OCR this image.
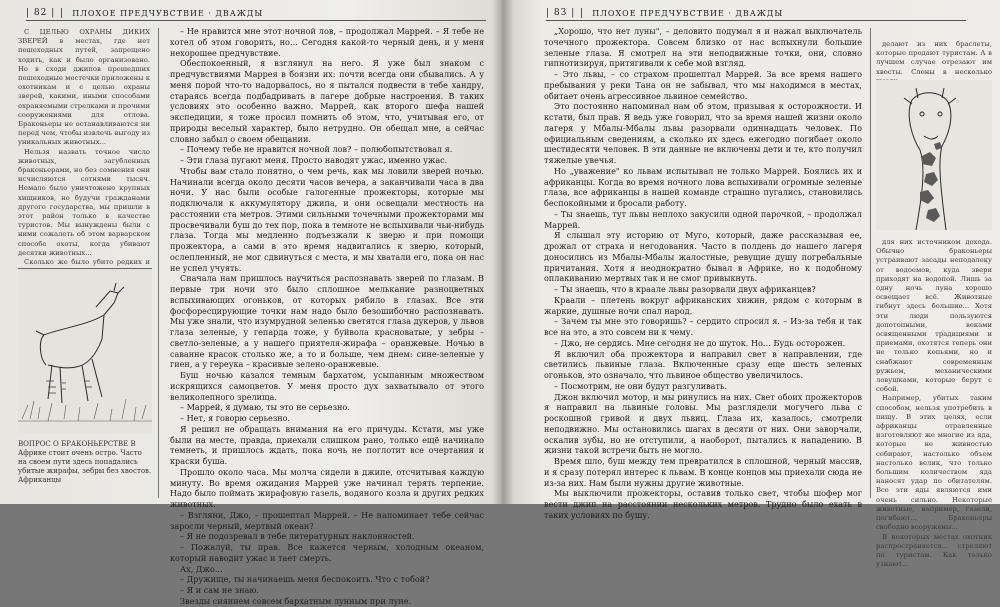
| 82 |	ПЛОХОЕ ПРЕДЧУВСТВИЕ · ДВАЖДЫ

С ЦЕЛЬЮ ОХРАНЫ ДИКИХ ЗВЕРЕЙ в местах, где нет пешеходных путей, запрещено ходить, как и было организовано. Но в сходи джипов прошедших пешеходные местечки приложены к охотникам и с целью охраны зверей, какими, иными способами охраняемыми стрелками и прочими сооружениями для отлова. Браконьеры не останавливаются ни перед чем, чтобы извлечь выгоду из уникальных животных...

Нельзя назвать точное число животных, загубленных браконьерами, но без сомнения они исчисляются сотнями тысяч. Немало было уничтожено крупных хищников, но будучи гражданами другого государства, мы пришли в этот район только в качестве туристов. Мы вынуждены были с ними сожалеть об этом варварском способе охоты, когда убивают десятки животных...

Сколько же было убито редких и

ВОПРОС О БРАКОНЬЕРСТВЕ В Африке стоит очень остро. Часто на своем пути здесь попадались убитые жирафы, зебры без хвостов. Африканцы

– Не нравится мне этот ночной лов, – продолжал Маррей. – Я тебе не хотел об этом говорить, но… Сегодня какой-то черный день, и у меня нехорошее предчувствие.

Обеспокоенный, я взглянул на него. Я уже был знаком с предчувствиями Маррея в боязни их: почти всегда они сбывались. А у меня порой что-то надорвалось, но я пытался подвести в тебе хандру, стараясь всегда подбадривать в лагере добрые настроения. В таких условиях это особенно важно. Маррей, как второго шефа нашей экспедиции, я тоже просил помнить об этом, что, учитывая его, от природы веселый характер, было нетрудно. Он обещал мне, а сейчас словно забыл о своем обещании.

– Почему тебе не нравится ночной лов? – полюбопытствовал я.

– Эти глаза пугают меня. Просто наводят ужас, именно ужас.

Чтобы вам стало понятно, о чем речь, как мы ловили зверей ночью. Начинали всегда около десяти часов вечера, а заканчивали часа в два ночи. У нас были особые галогенные прожекторы, которые мы подключали к аккумулятору джипа, и они освещали местность на расстоянии ста метров. Этими сильными точечными прожекторами мы просвечивали буш до тех пор, пока в темноте не вспыхивали чьи-нибудь глаза. Тогда мы медленно подъезжали к зверю и при помощи прожектора, а сами в это время надвигались к зверю, который, ослепленный, не мог сдвинуться с места, и мы хватали его, пока он нас не успел учуять.

Сначала нам пришлось научиться распознавать зверей по глазам. В первые три ночи это было сплошное мелькание разноцветных вспыхивающих огоньков, от которых рябило в глазах. Все эти фосфоресцирующие точки нам надо было безошибочно распознавать. Мы уже знали, что изумрудной зеленью светятся глаза дукеров, у львов глаза зеленые, у гепарда тоже, у буйвола красноватые, у зебры – светло-зеленые, а у нашего приятеля-жирафа – оранжевые. Ночью в саванне красок столько же, а то и больше, чем днем: сине-зеленые у гиен, а у гереука – красивые зелено-оранжевые.

Буш ночью казался темным бархатом, усыпанным множеством искрящихся самоцветов. У меня просто дух захватывало от этого великолепного зрелища.

– Маррей, я думаю, ты это не серьезно.

– Нет, я говорю серьезно.

Я решил не обращать внимания на его причуды. Кстати, мы уже были на месте, правда, приехали слишком рано, только ещё начинало темнеть, и пришлось ждать, пока ночь не поглотит все очертания и краски буша.

Прошло около часа. Мы молча сидели в джипе, отсчитывая каждую минуту. Во время ожидания Маррей уже начинал терять терпение. Надо было поймать жирафовую газель, водяного козла и других редких животных.

– Взгляни, Джо, – прошептал Маррей. – Не напоминает тебе сейчас заросли черный, мертвый океан?

– Я не подозревал в тебе литературных наклонностей.

– Пожалуй, ты прав. Все кажется черным, холодным океаном, который наводит ужас и тает смерть.

Ах, Джо…

– Дружище, ты начинаешь меня беспокоить. Что с тобой?

– Я и сам не знаю.

Звезды сиянием совсем бархатным лунным при луне.

| 83 |	ПЛОХОЕ ПРЕДЧУВСТВИЕ · ДВАЖДЫ

„Хорошо, что нет луны", – деловито подумал я и нажал выключатель точечного прожектора. Совсем близко от нас вспыхнули большие зеленые глаза. Я смотрел на эти неподвижные точки, они, словно гипнотизируя, притягивали к себе мой взгляд.

– Это львы, – со страхом прошептал Маррей. За все время нашего пребывания у реки Тана он не забывал, что мы находимся в местах, обитает очень агрессивное львиное семейство.

Это постоянно напоминал нам об этом, призывая к осторожности. И кстати, был прав. Я ведь уже говорил, что за время нашей жизни около лагеря у Мбалы-Мбалы львы разорвали одиннадцать человек. По официальным сведениям, а сколько их здесь ежегодно погибает около шестидесяти человек. В эти данные не включены дети и те, кто получил тяжелые увечья.

Но „уважение" ко львам испытывал не только Маррей. Боялись их и африканцы. Когда во время ночного лова вспыхивали огромные зеленые глаза, все африканцы в нашей команде страшно пугались, становились беспокойными и бросали работу.

– Ты знаешь, тут львы неплохо закусили одной парочкой, – продолжал Маррей.

Я слышал эту историю от Муго, который, даже рассказывая ее, дрожал от страха и негодования. Часто в полдень до нашего лагеря доносились из Мбалы-Мбалы жалостные, ревущие душу погребальные причитания. Хотя я неоднократно бывал в Африке, но к подобному оплакиванию мертвых так и не смог привыкнуть.

– Ты знаешь, что в краале львы разорвали двух африканцев?

Краали – плетень вокруг африканских хижин, рядом с которым в жаркие, душные ночи спал народ.

– Зачем ты мне это говоришь? – сердито спросил я. – Из-за тебя и так все на это, а это совсем ни к чему.

– Джо, не сердись. Мне сегодня не до шуток. Но… Будь осторожен.

Я включил оба прожектора и направил свет в направлении, где светились львиные глаза. Включенные сразу еще шесть зеленых огоньков, это означало, что львиное общество увеличилось.

– Посмотрим, не они будут разгуливать.

Джон включил мотор, и мы ринулись на них. Свет обоих прожекторов я направил на львиные головы. Мы разглядели могучего льва с роскошной гривой и двух львиц. Глаза их, казалось, смотрели неподвижно. Мы остановились шагах в десяти от них. Они заворчали, оскалив зубы, но не отступили, а наоборот, пытались к нападению. В жизни такой встречи быть не могло.

Время шло, буш между тем превратился в сплошной, черный массив, и я сразу потерял интерес к львам. В конце концов мы приехали сюда не из-за них. Нам были нужны другие животные.

Мы выключили прожекторы, оставив только свет, чтобы шофер мог вести джип на расстоянии нескольких метров. Трудно было ехать в таких условиях по бушу.

делают из них браслеты, которые продают туристам. А в лучшем случае отрезают им хвосты. Слоны в несколько

для них источником дохода. Обычно браконьеры устраивают засады неподалеку от водоемов, куда звери приходят на водопой. Лишь за одну ночь луна хорошо освещает всё. Животные гибнут здесь большие... Хотя эти люди пользуются допотопными, веками освященными традициями и приемами, охотятся теперь они не только копьями, но и снабжают современным ружьем, механическими ловушками, которые берут с собой.

Например, убитых таким способом, нельзя употребить в пищу. В этих целях, если африканцы отравленные изготовляют же многие из яда, которые не живностью собирают, настолько объем настолько велик, что только большим количеством яда наносят удар по обитателям. Все эти яды являются ими очень сильно. Некоторые животные, например, газели, погибают... Браконьеры свободно вооружены...

В некоторых местах охотник распространяется... стреляют по туристам. Как только узнают...
